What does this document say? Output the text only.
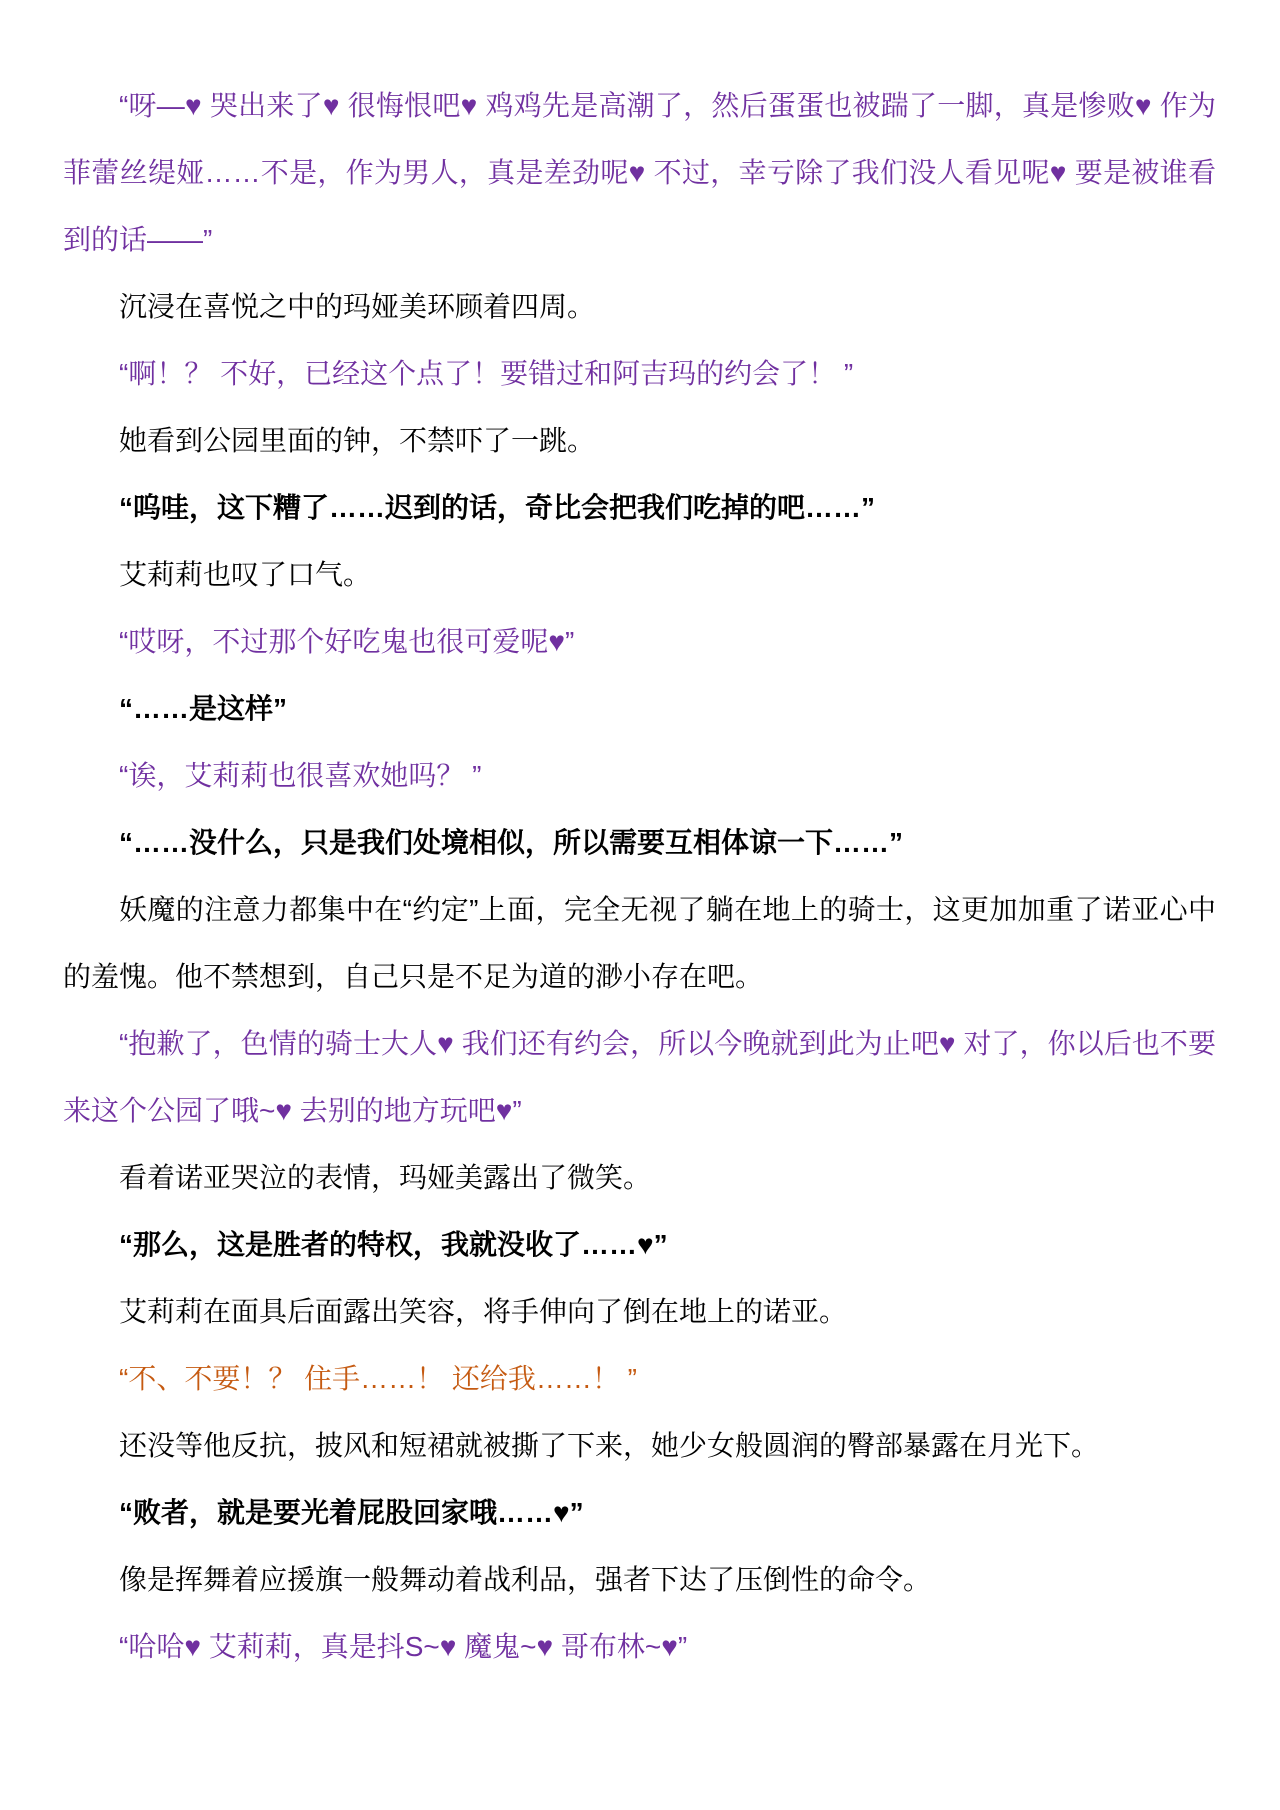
“呀—♥ 哭出来了♥ 很悔恨吧♥ 鸡鸡先是高潮了，然后蛋蛋也被踹了一脚，真是惨败♥ 作为菲蕾丝缇娅……不是，作为男人，真是差劲呢♥ 不过，幸亏除了我们没人看见呢♥ 要是被谁看到的话——”

沉浸在喜悦之中的玛娅美环顾着四周。

“啊！？ 不好，已经这个点了！要错过和阿吉玛的约会了！ ”

她看到公园里面的钟，不禁吓了一跳。

“呜哇，这下糟了……迟到的话，奇比会把我们吃掉的吧……”

艾莉莉也叹了口气。

“哎呀，不过那个好吃鬼也很可爱呢♥”

“……是这样”

“诶，艾莉莉也很喜欢她吗？ ”

“……没什么，只是我们处境相似，所以需要互相体谅一下……”

妖魔的注意力都集中在“约定”上面，完全无视了躺在地上的骑士，这更加加重了诺亚心中的羞愧。他不禁想到，自己只是不足为道的渺小存在吧。

“抱歉了，色情的骑士大人♥ 我们还有约会，所以今晚就到此为止吧♥ 对了，你以后也不要来这个公园了哦~♥ 去别的地方玩吧♥”

看着诺亚哭泣的表情，玛娅美露出了微笑。

“那么，这是胜者的特权，我就没收了……♥”

艾莉莉在面具后面露出笑容，将手伸向了倒在地上的诺亚。

“不、不要！？ 住手……！ 还给我……！ ”

还没等他反抗，披风和短裙就被撕了下来，她少女般圆润的臀部暴露在月光下。

“败者，就是要光着屁股回家哦……♥”

像是挥舞着应援旗一般舞动着战利品，强者下达了压倒性的命令。

“哈哈♥ 艾莉莉，真是抖S~♥ 魔鬼~♥ 哥布林~♥”
